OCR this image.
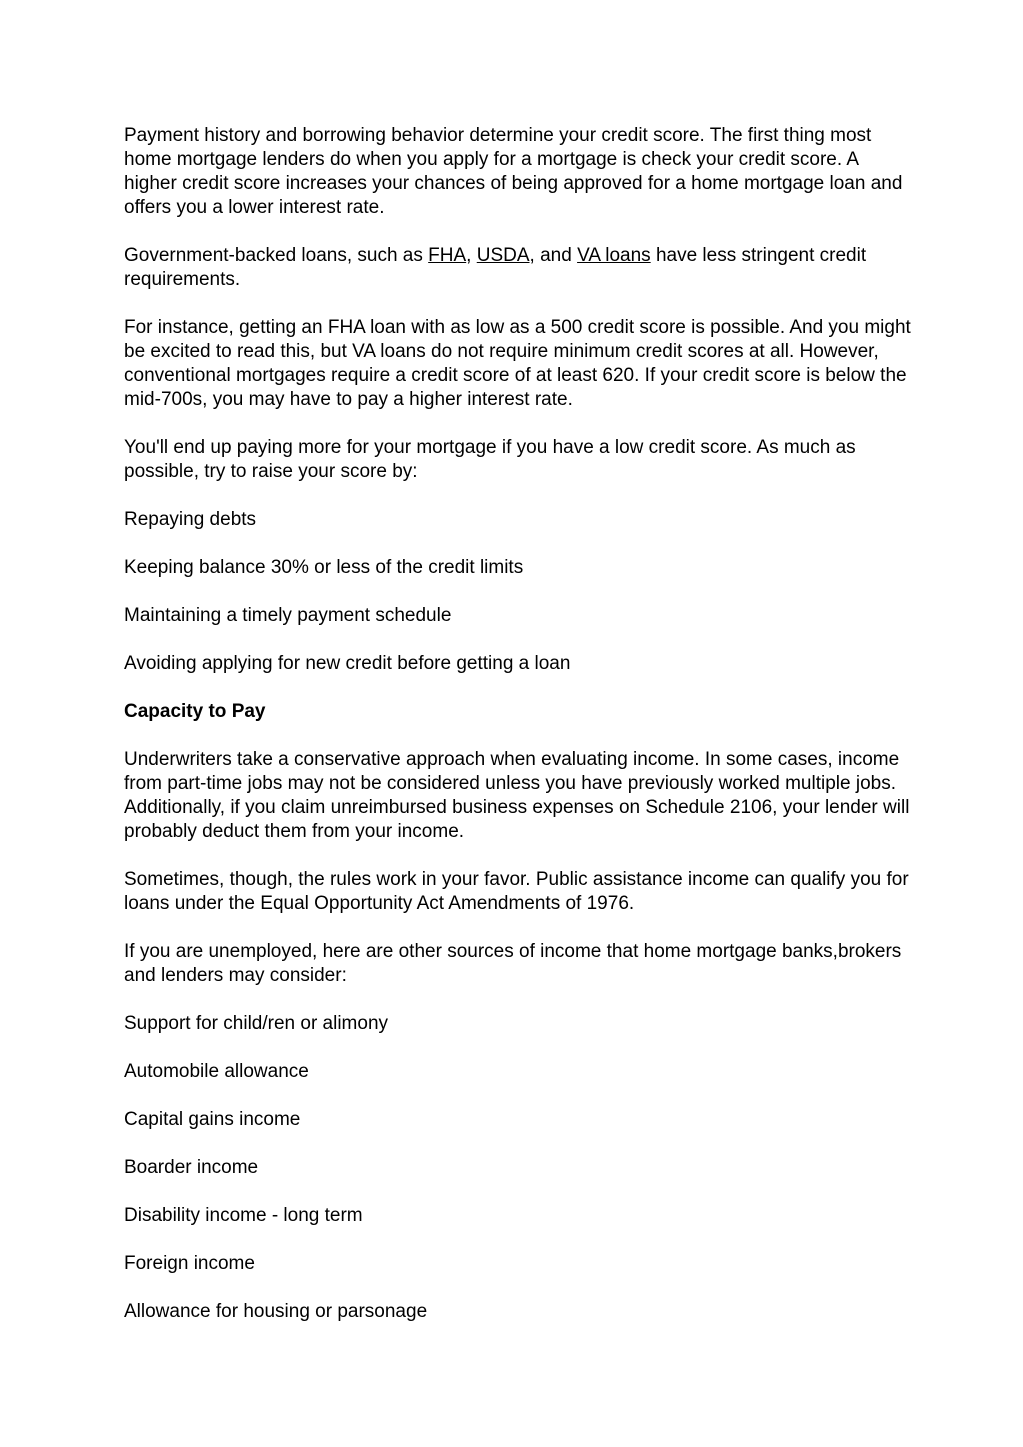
Payment history and borrowing behavior determine your credit score. The first thing most home mortgage lenders do when you apply for a mortgage is check your credit score. A higher credit score increases your chances of being approved for a home mortgage loan and offers you a lower interest rate.

Government-backed loans, such as FHA, USDA, and VA loans have less stringent credit requirements.

For instance, getting an FHA loan with as low as a 500 credit score is possible. And you might be excited to read this, but VA loans do not require minimum credit scores at all. However, conventional mortgages require a credit score of at least 620. If your credit score is below the mid-700s, you may have to pay a higher interest rate.

You'll end up paying more for your mortgage if you have a low credit score. As much as possible, try to raise your score by:

Repaying debts

Keeping balance 30% or less of the credit limits

Maintaining a timely payment schedule

Avoiding applying for new credit before getting a loan

Capacity to Pay

Underwriters take a conservative approach when evaluating income. In some cases, income from part-time jobs may not be considered unless you have previously worked multiple jobs. Additionally, if you claim unreimbursed business expenses on Schedule 2106, your lender will probably deduct them from your income.

Sometimes, though, the rules work in your favor. Public assistance income can qualify you for loans under the Equal Opportunity Act Amendments of 1976.

If you are unemployed, here are other sources of income that home mortgage banks,brokers and lenders may consider:

Support for child/ren or alimony

Automobile allowance

Capital gains income

Boarder income

Disability income - long term

Foreign income

Allowance for housing or parsonage
